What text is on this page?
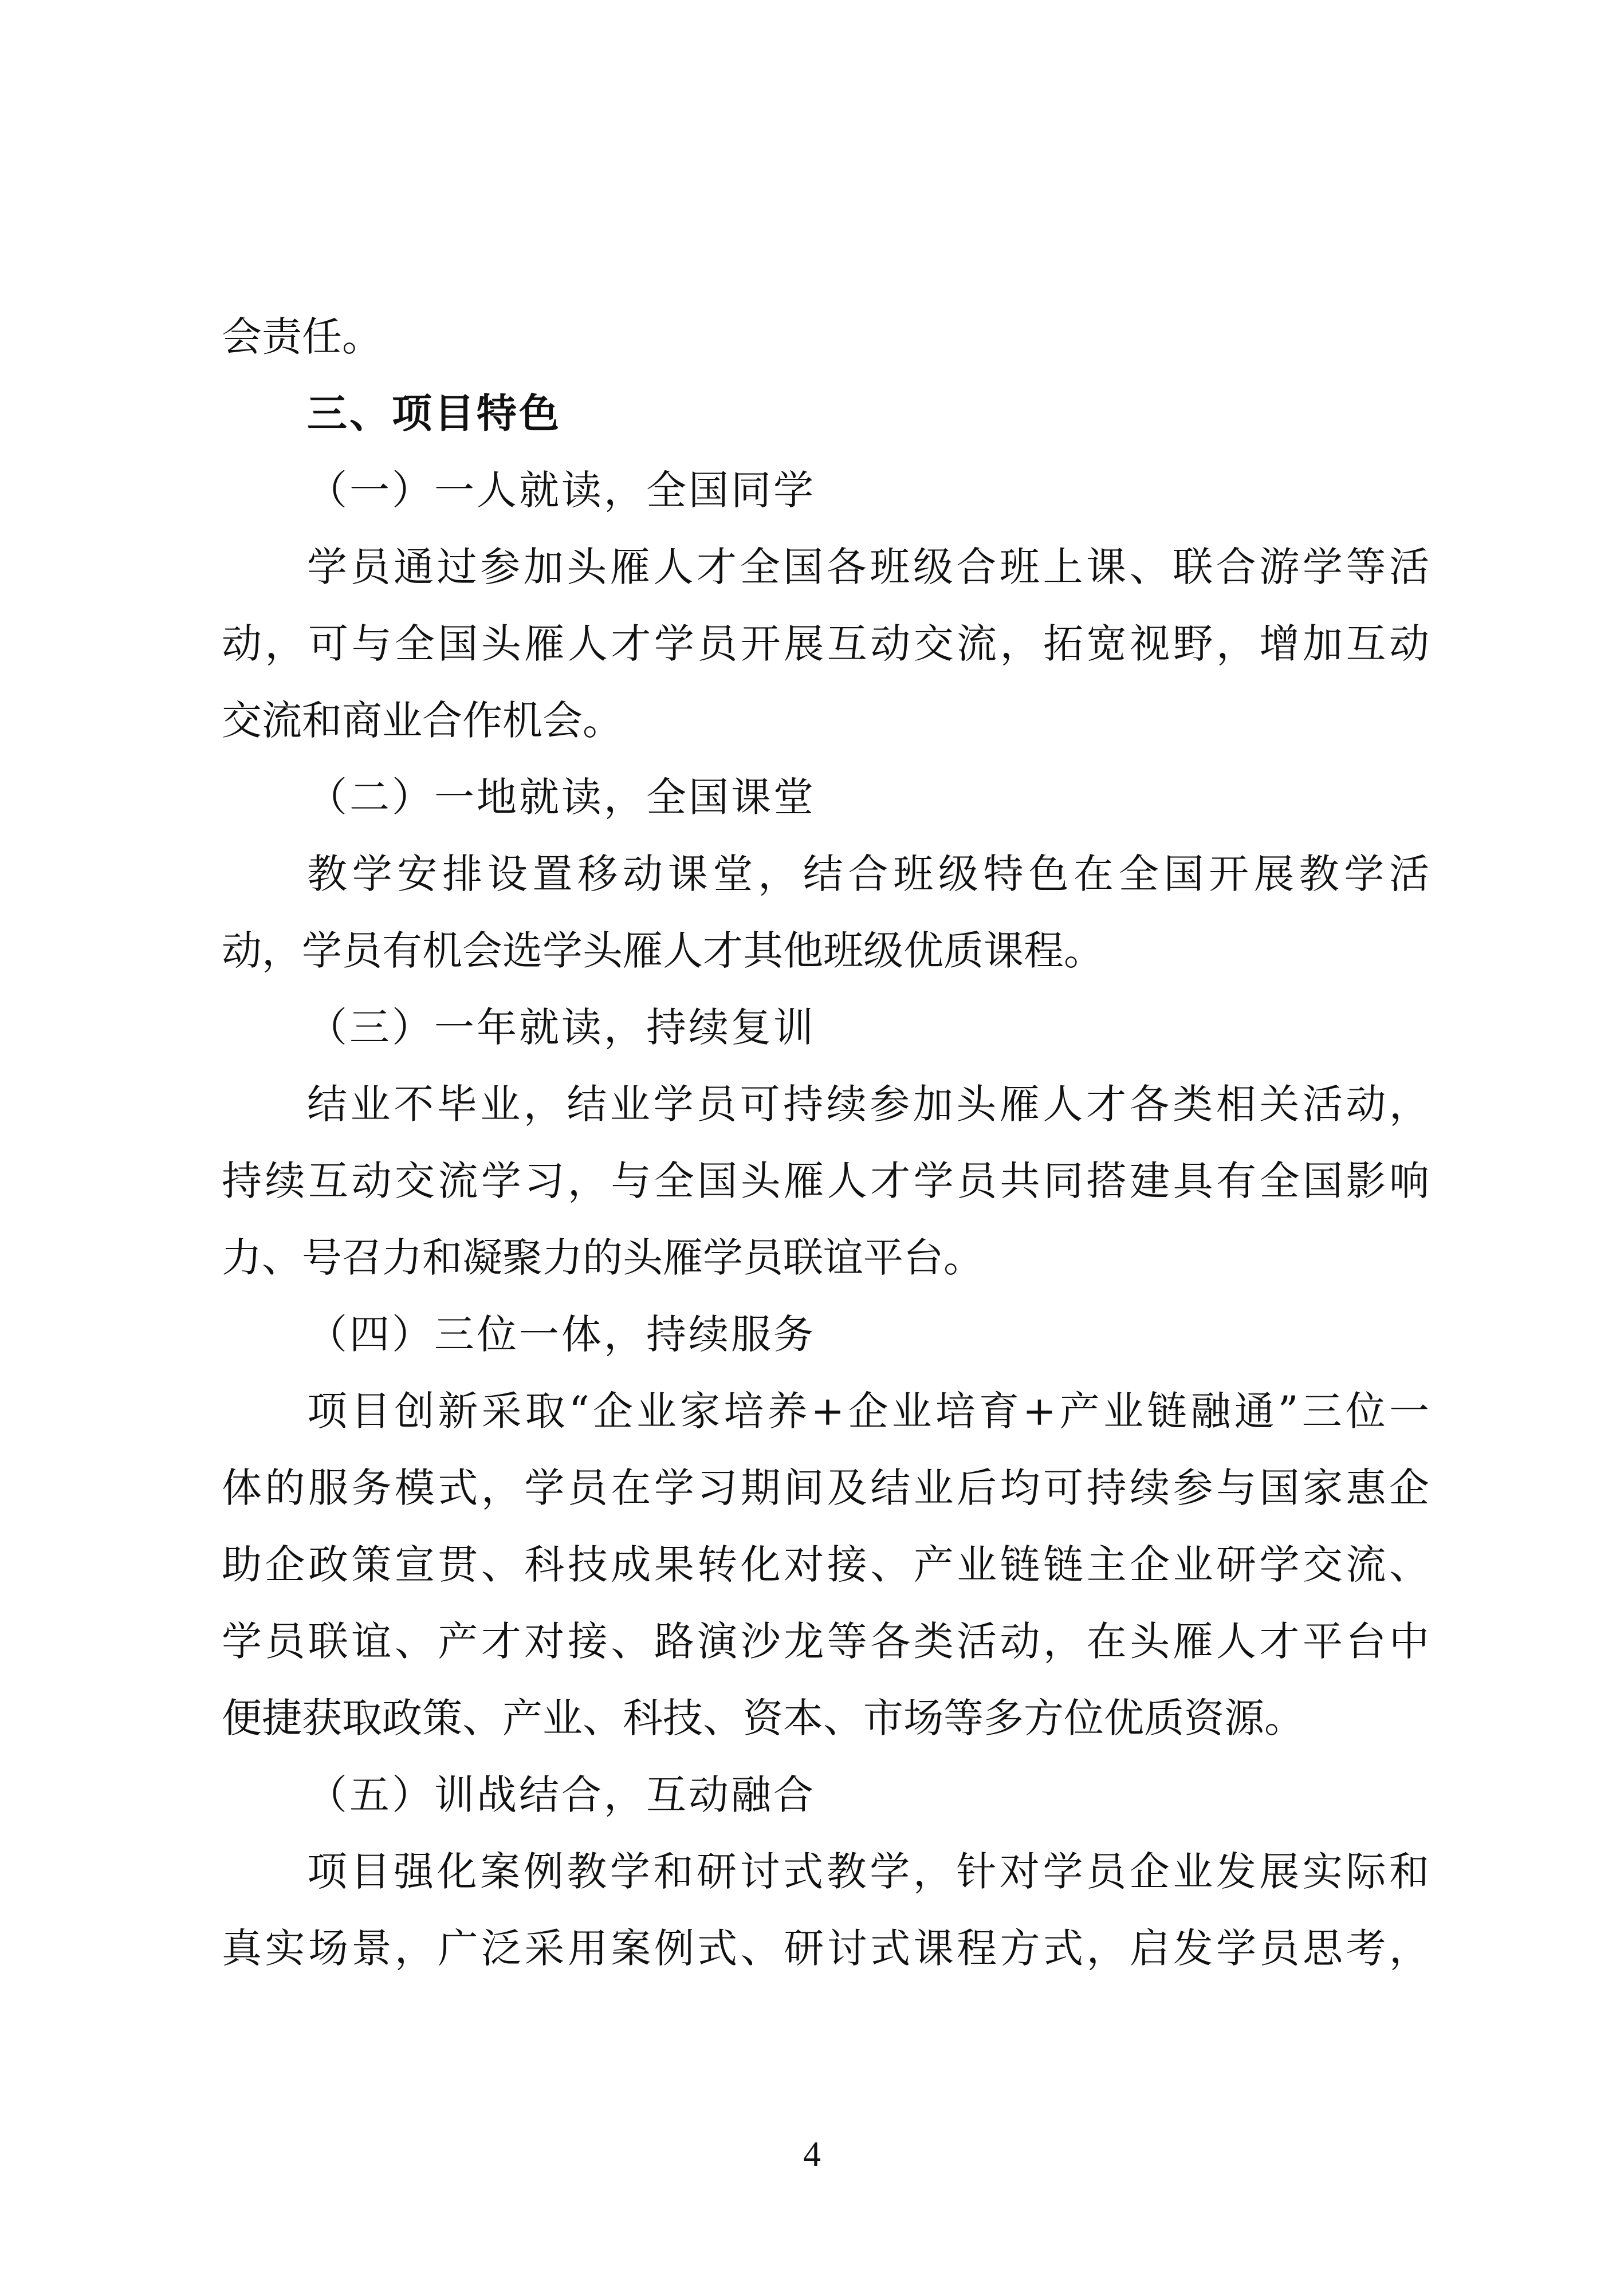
会责任。
三、项目特色
（一）一人就读，全国同学
学员通过参加头雁人才全国各班级合班上课、联合游学等活
动，可与全国头雁人才学员开展互动交流，拓宽视野，增加互动
交流和商业合作机会。
（二）一地就读，全国课堂
教学安排设置移动课堂，结合班级特色在全国开展教学活
动，学员有机会选学头雁人才其他班级优质课程。
（三）一年就读，持续复训
结业不毕业，结业学员可持续参加头雁人才各类相关活动，
持续互动交流学习，与全国头雁人才学员共同搭建具有全国影响
力、号召力和凝聚力的头雁学员联谊平台。
（四）三位一体，持续服务
项目创新采取“企业家培养+企业培育+产业链融通”三位一
体的服务模式，学员在学习期间及结业后均可持续参与国家惠企
助企政策宣贯、科技成果转化对接、产业链链主企业研学交流、
学员联谊、产才对接、路演沙龙等各类活动，在头雁人才平台中
便捷获取政策、产业、科技、资本、市场等多方位优质资源。
（五）训战结合，互动融合
项目强化案例教学和研讨式教学，针对学员企业发展实际和
真实场景，广泛采用案例式、研讨式课程方式，启发学员思考，
4
